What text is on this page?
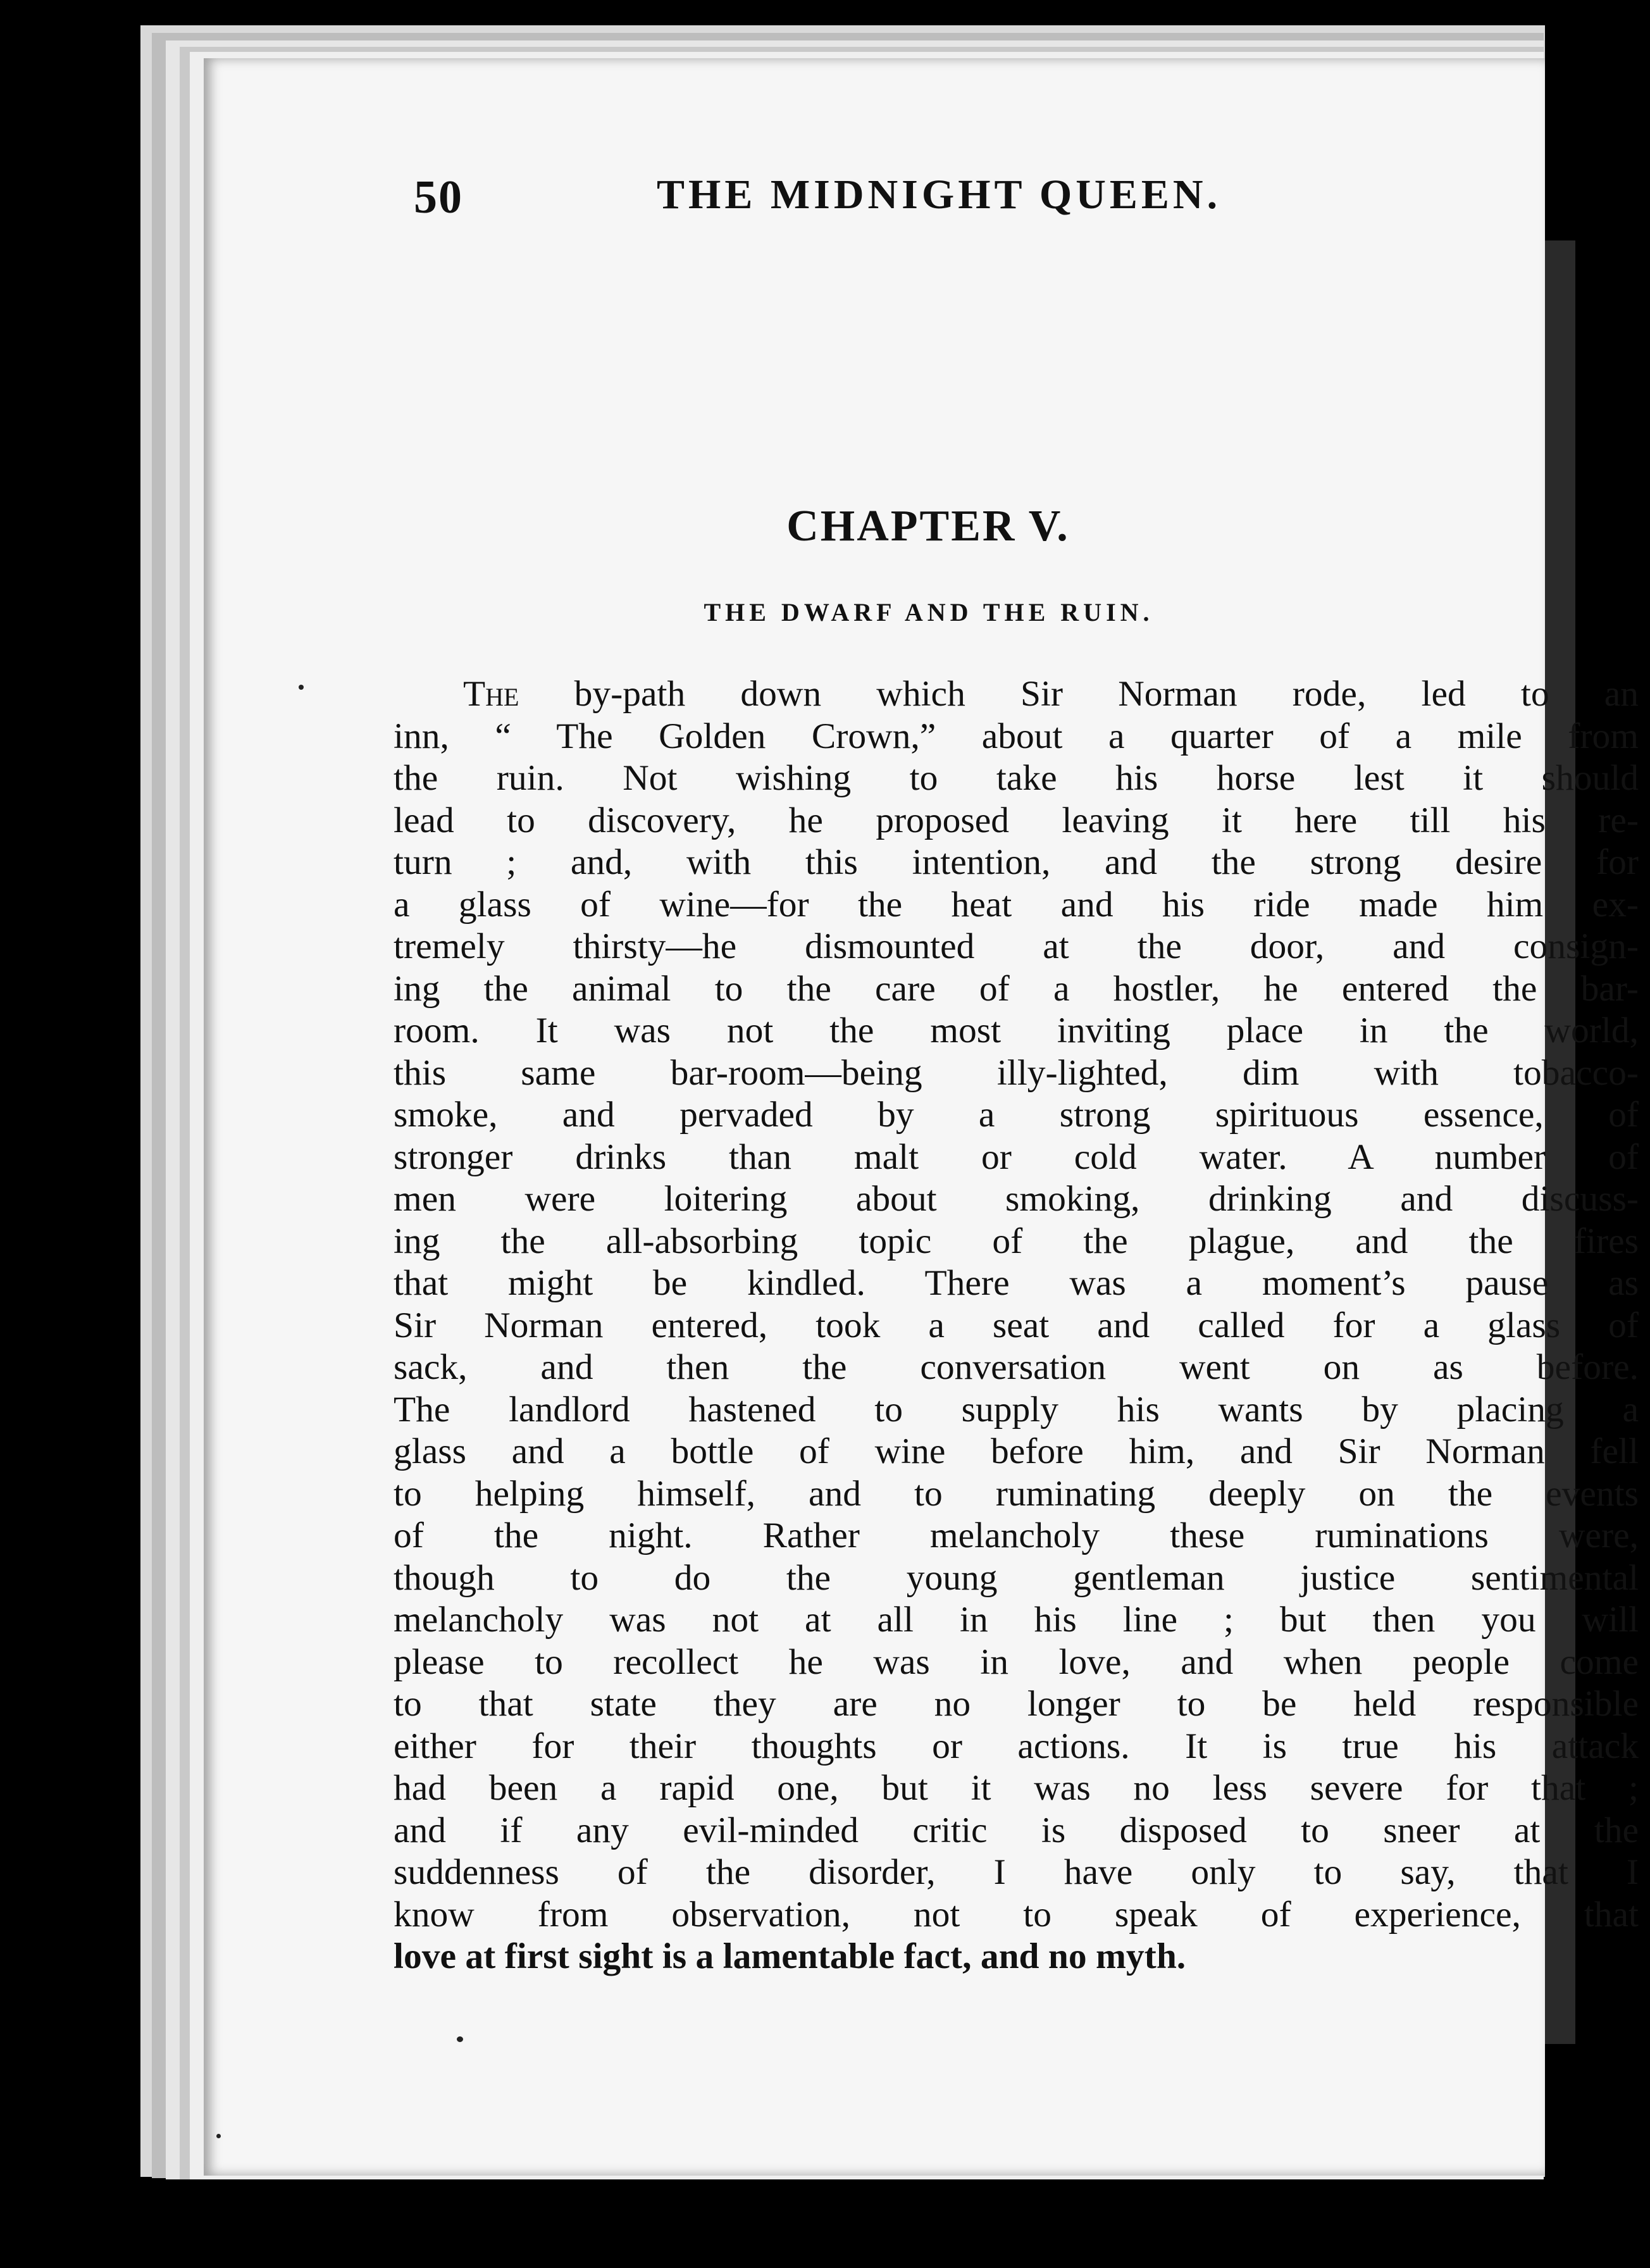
50	THE MIDNIGHT QUEEN.
CHAPTER V.
THE DWARF AND THE RUIN.
The by-path down which Sir Norman rode, led to an
inn, “ The Golden Crown,” about a quarter of a mile from
the ruin. Not wishing to take his horse lest it should
lead to discovery, he proposed leaving it here till his re-
turn ; and, with this intention, and the strong desire for
a glass of wine—for the heat and his ride made him ex-
tremely thirsty—he dismounted at the door, and consign-
ing the animal to the care of a hostler, he entered the bar-
room. It was not the most inviting place in the world,
this same bar-room—being illy-lighted, dim with tobacco-
smoke, and pervaded by a strong spirituous essence, of
stronger drinks than malt or cold water. A number of
men were loitering about smoking, drinking and discuss-
ing the all-absorbing topic of the plague, and the fires
that might be kindled. There was a moment’s pause as
Sir Norman entered, took a seat and called for a glass of
sack, and then the conversation went on as before.
The landlord hastened to supply his wants by placing a
glass and a bottle of wine before him, and Sir Norman fell
to helping himself, and to ruminating deeply on the events
of the night. Rather melancholy these ruminations were,
though to do the young gentleman justice sentimental
melancholy was not at all in his line ; but then you will
please to recollect he was in love, and when people come
to that state they are no longer to be held responsible
either for their thoughts or actions. It is true his attack
had been a rapid one, but it was no less severe for that ;
and if any evil-minded critic is disposed to sneer at the
suddenness of the disorder, I have only to say, that I
know from observation, not to speak of experience, that
love at first sight is a lamentable fact, and no myth.
